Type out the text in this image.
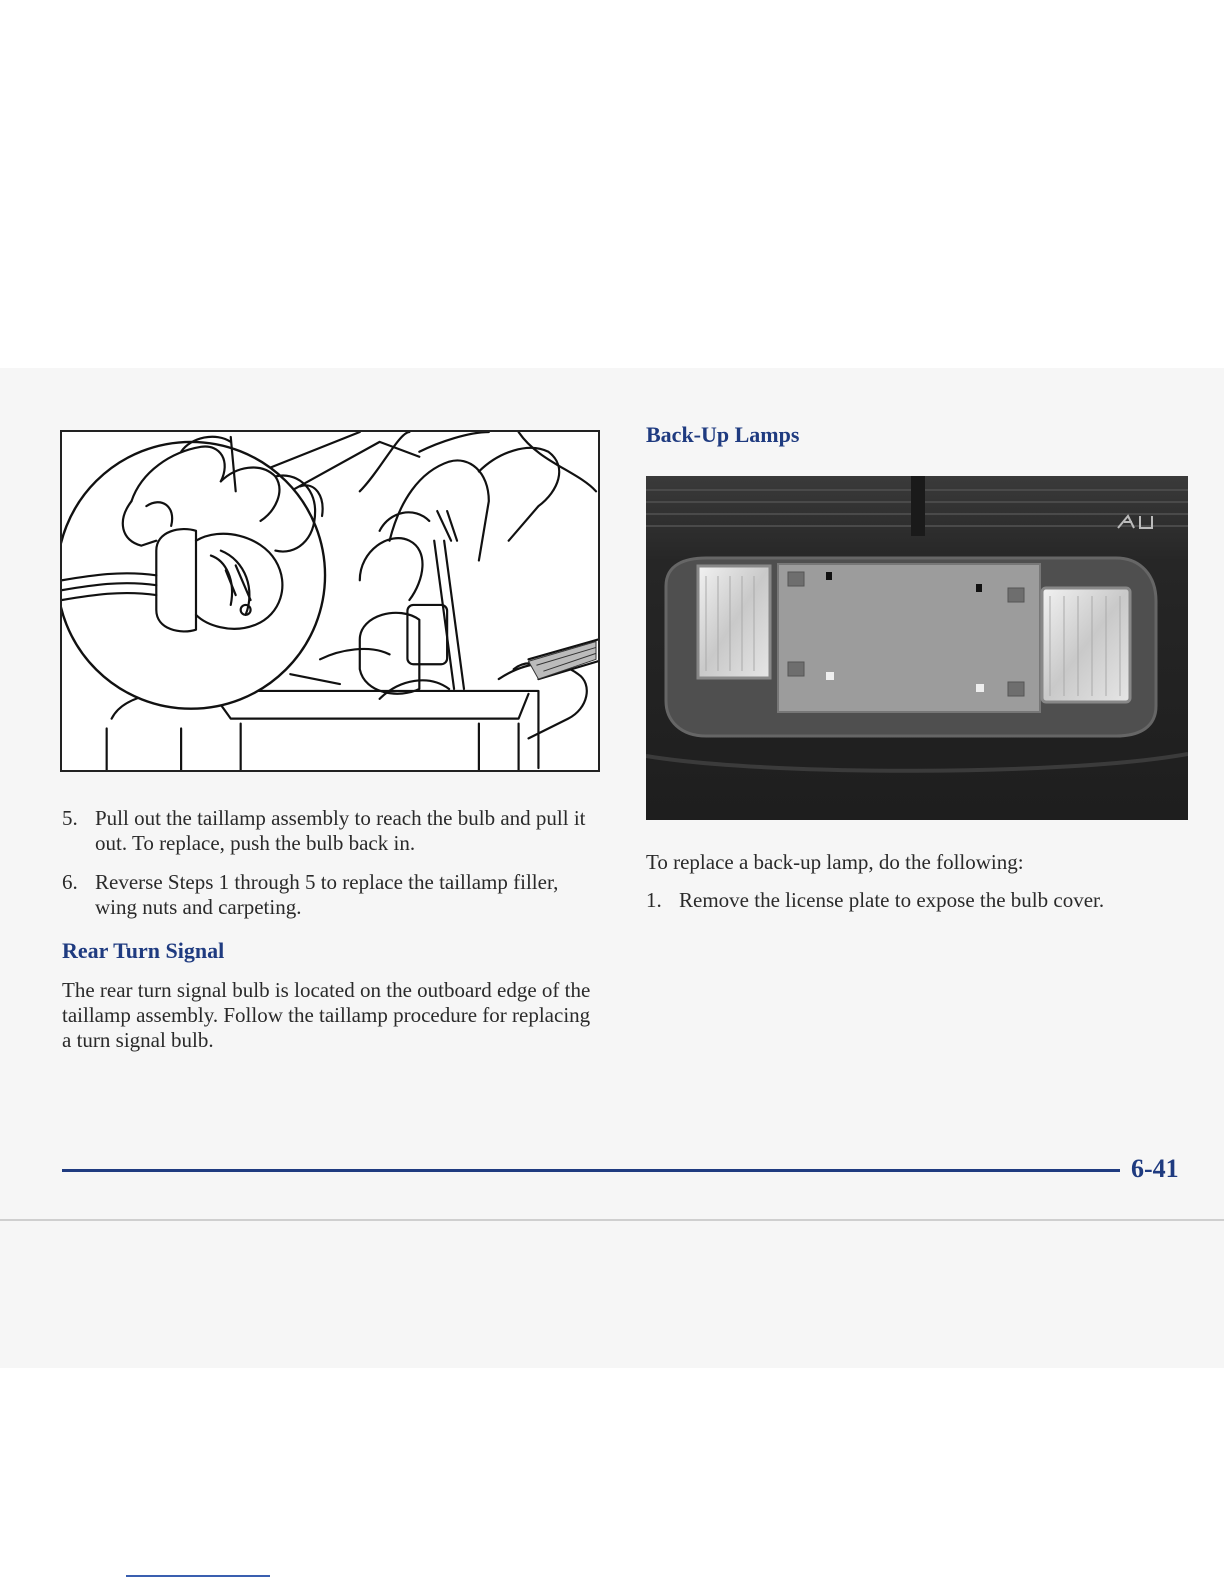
5. Pull out the taillamp assembly to reach the bulb and pull it out. To replace, push the bulb back in.
6. Reverse Steps 1 through 5 to replace the taillamp filler, wing nuts and carpeting.
Rear Turn Signal
The rear turn signal bulb is located on the outboard edge of the taillamp assembly. Follow the taillamp procedure for replacing a turn signal bulb.
Back-Up Lamps
To replace a back-up lamp, do the following:
1. Remove the license plate to expose the bulb cover.
6-41
